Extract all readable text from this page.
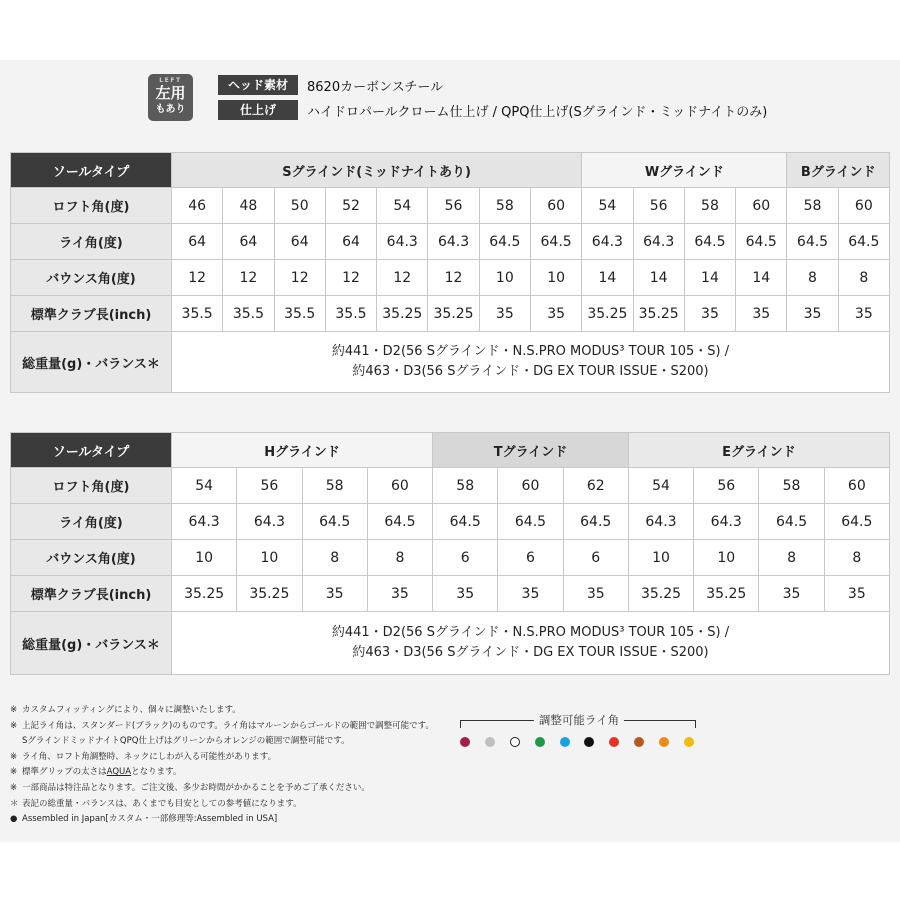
LEFT
左用
もあり
ヘッド素材	8620カーボンスチール
仕上げ	ハイドロパールクローム仕上げ / QPQ仕上げ(Sグラインド・ミッドナイトのみ)
ソールタイプ	Sグラインド(ミッドナイトあり)								Wグラインド				Bグラインド	
ロフト角(度)	46	48	50	52	54	56	58	60	54	56	58	60	58	60
ライ角(度)	64	64	64	64	64.3	64.3	64.5	64.5	64.3	64.3	64.5	64.5	64.5	64.5
バウンス角(度)	12	12	12	12	12	12	10	10	14	14	14	14	8	8
標準クラブ長(inch)	35.5	35.5	35.5	35.5	35.25	35.25	35	35	35.25	35.25	35	35	35	35
総重量(g)・バランス＊	約441・D2(56 Sグラインド・N.S.PRO MODUS³ TOUR 105・S) /
約463・D3(56 Sグラインド・DG EX TOUR ISSUE・S200)													
ソールタイプ	Hグラインド				Tグラインド			Eグラインド			
ロフト角(度)	54	56	58	60	58	60	62	54	56	58	60
ライ角(度)	64.3	64.3	64.5	64.5	64.5	64.5	64.5	64.3	64.3	64.5	64.5
バウンス角(度)	10	10	8	8	6	6	6	10	10	8	8
標準クラブ長(inch)	35.25	35.25	35	35	35	35	35	35.25	35.25	35	35
総重量(g)・バランス＊	約441・D2(56 Sグラインド・N.S.PRO MODUS³ TOUR 105・S) /
約463・D3(56 Sグラインド・DG EX TOUR ISSUE・S200)										
※ カスタムフィッティングにより、個々に調整いたします。
※ 上記ライ角は、スタンダード(ブラック)のものです。ライ角はマルーンからゴールドの範囲で調整可能です。
SグラインドミッドナイトQPQ仕上げはグリーンからオレンジの範囲で調整可能です。
※ ライ角、ロフト角調整時、ネックにしわが入る可能性があります。
※ 標準グリップの太さはAQUAとなります。
※ 一部商品は特注品となります。ご注文後、多少お時間がかかることを予めご了承ください。
＊ 表記の総重量・バランスは、あくまでも目安としての参考値になります。
● Assembled in Japan[カスタム・一部修理等:Assembled in USA]
調整可能ライ角
